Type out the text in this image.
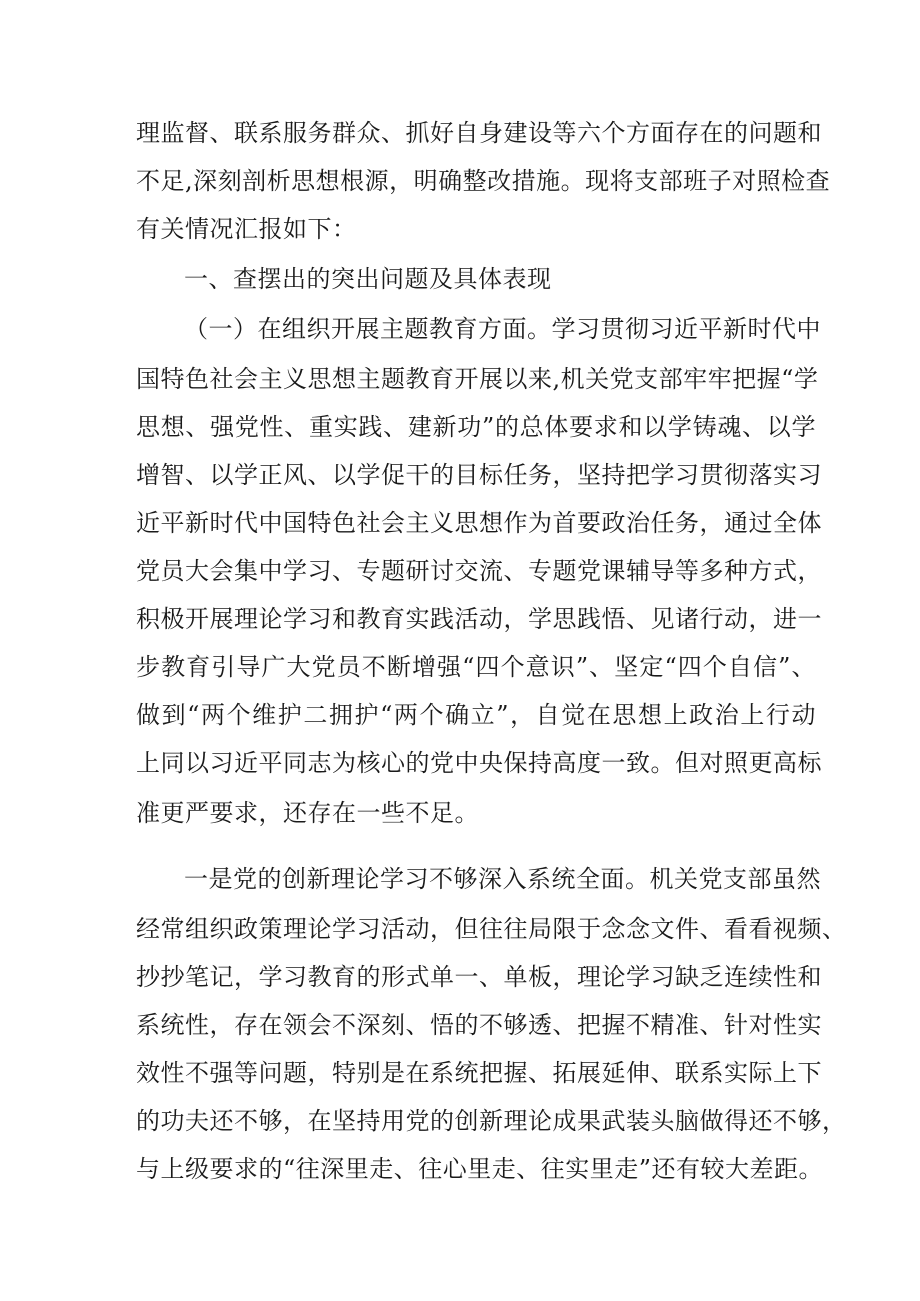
理监督、联系服务群众、抓好自身建设等六个方面存在的问题和
不足,深刻剖析思想根源，明确整改措施。现将支部班子对照检查
有关情况汇报如下：
一、查摆出的突出问题及具体表现
（一）在组织开展主题教育方面。学习贯彻习近平新时代中
国特色社会主义思想主题教育开展以来,机关党支部牢牢把握“学
思想、强党性、重实践、建新功”的总体要求和以学铸魂、以学
增智、以学正风、以学促干的目标任务，坚持把学习贯彻落实习
近平新时代中国特色社会主义思想作为首要政治任务，通过全体
党员大会集中学习、专题研讨交流、专题党课辅导等多种方式，
积极开展理论学习和教育实践活动，学思践悟、见诸行动，进一
步教育引导广大党员不断增强“四个意识”、坚定“四个自信”、
做到“两个维护二拥护“两个确立”，自觉在思想上政治上行动
上同以习近平同志为核心的党中央保持高度一致。但对照更高标
准更严要求，还存在一些不足。
一是党的创新理论学习不够深入系统全面。机关党支部虽然
经常组织政策理论学习活动，但往往局限于念念文件、看看视频、
抄抄笔记，学习教育的形式单一、单板，理论学习缺乏连续性和
系统性，存在领会不深刻、悟的不够透、把握不精准、针对性实
效性不强等问题，特别是在系统把握、拓展延伸、联系实际上下
的功夫还不够，在坚持用党的创新理论成果武装头脑做得还不够，
与上级要求的“往深里走、往心里走、往实里走”还有较大差距。
